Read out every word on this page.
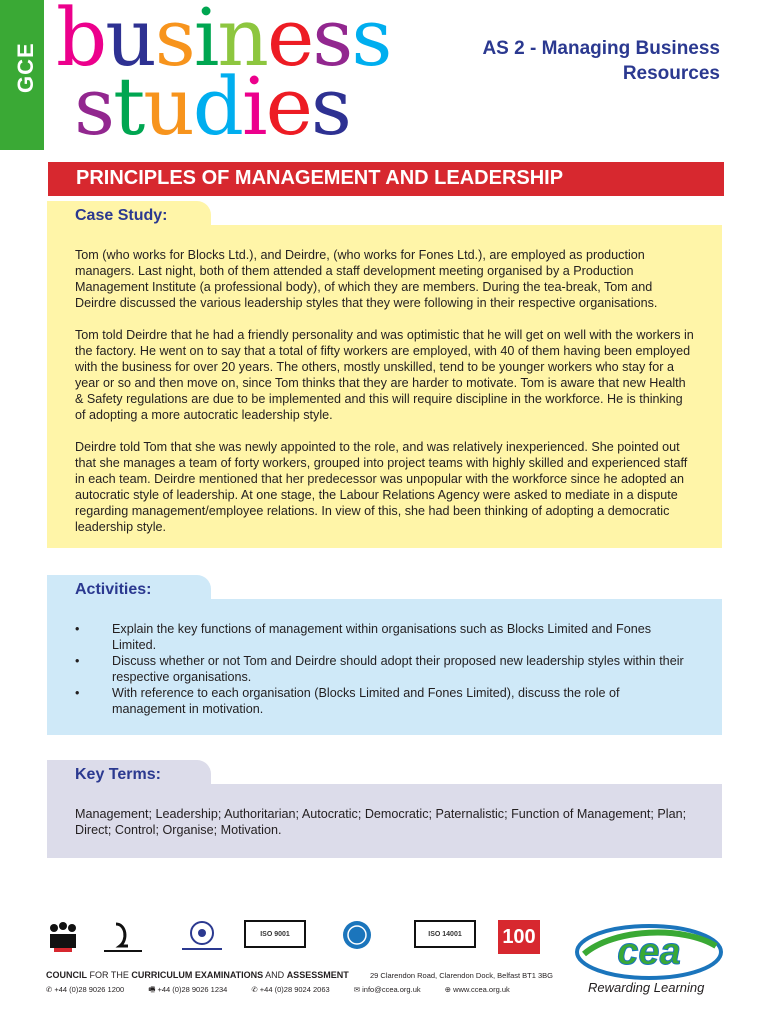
GCE business
studies
AS 2 - Managing Business
Resources
PRINCIPLES OF MANAGEMENT AND LEADERSHIP
Case Study:

Tom (who works for Blocks Ltd.), and Deirdre, (who works for Fones Ltd.), are employed as production managers. Last night, both of them attended a staff development meeting organised by a Production Management Institute (a professional body), of which they are members. During the tea-break, Tom and Deirdre discussed the various leadership styles that they were following in their respective organisations.

Tom told Deirdre that he had a friendly personality and was optimistic that he will get on well with the workers in the factory. He went on to say that a total of fifty workers are employed, with 40 of them having been employed with the business for over 20 years. The others, mostly unskilled, tend to be younger workers who stay for a year or so and then move on, since Tom thinks that they are harder to motivate. Tom is aware that new Health & Safety regulations are due to be implemented and this will require discipline in the workforce. He is thinking of adopting a more autocratic leadership style.

Deirdre told Tom that she was newly appointed to the role, and was relatively inexperienced. She pointed out that she manages a team of forty workers, grouped into project teams with highly skilled and experienced staff in each team. Deirdre mentioned that her predecessor was unpopular with the workforce since he adopted an autocratic style of leadership. At one stage, the Labour Relations Agency were asked to mediate in a dispute regarding management/employee relations. In view of this, she had been thinking of adopting a democratic leadership style.

Activities:
•	Explain the key functions of management within organisations such as Blocks Limited and Fones Limited.
•	Discuss whether or not Tom and Deirdre should adopt their proposed new leadership styles within their respective organisations.
•	With reference to each organisation (Blocks Limited and Fones Limited), discuss the role of management in motivation.
Key Terms:
Management; Leadership; Authoritarian; Autocratic; Democratic; Paternalistic; Function of Management; Plan; Direct; Control; Organise; Motivation.
ISO 9001	ISO 14001	100
COUNCIL FOR THE CURRICULUM EXAMINATIONS AND ASSESSMENT	29 Clarendon Road, Clarendon Dock, Belfast BT1 3BG
✆ +44 (0)28 9026 1200	🖷 +44 (0)28 9026 1234	✆ +44 (0)28 9024 2063	✉ info@ccea.org.uk	⊕ www.ccea.org.uk
cea
Rewarding Learning
